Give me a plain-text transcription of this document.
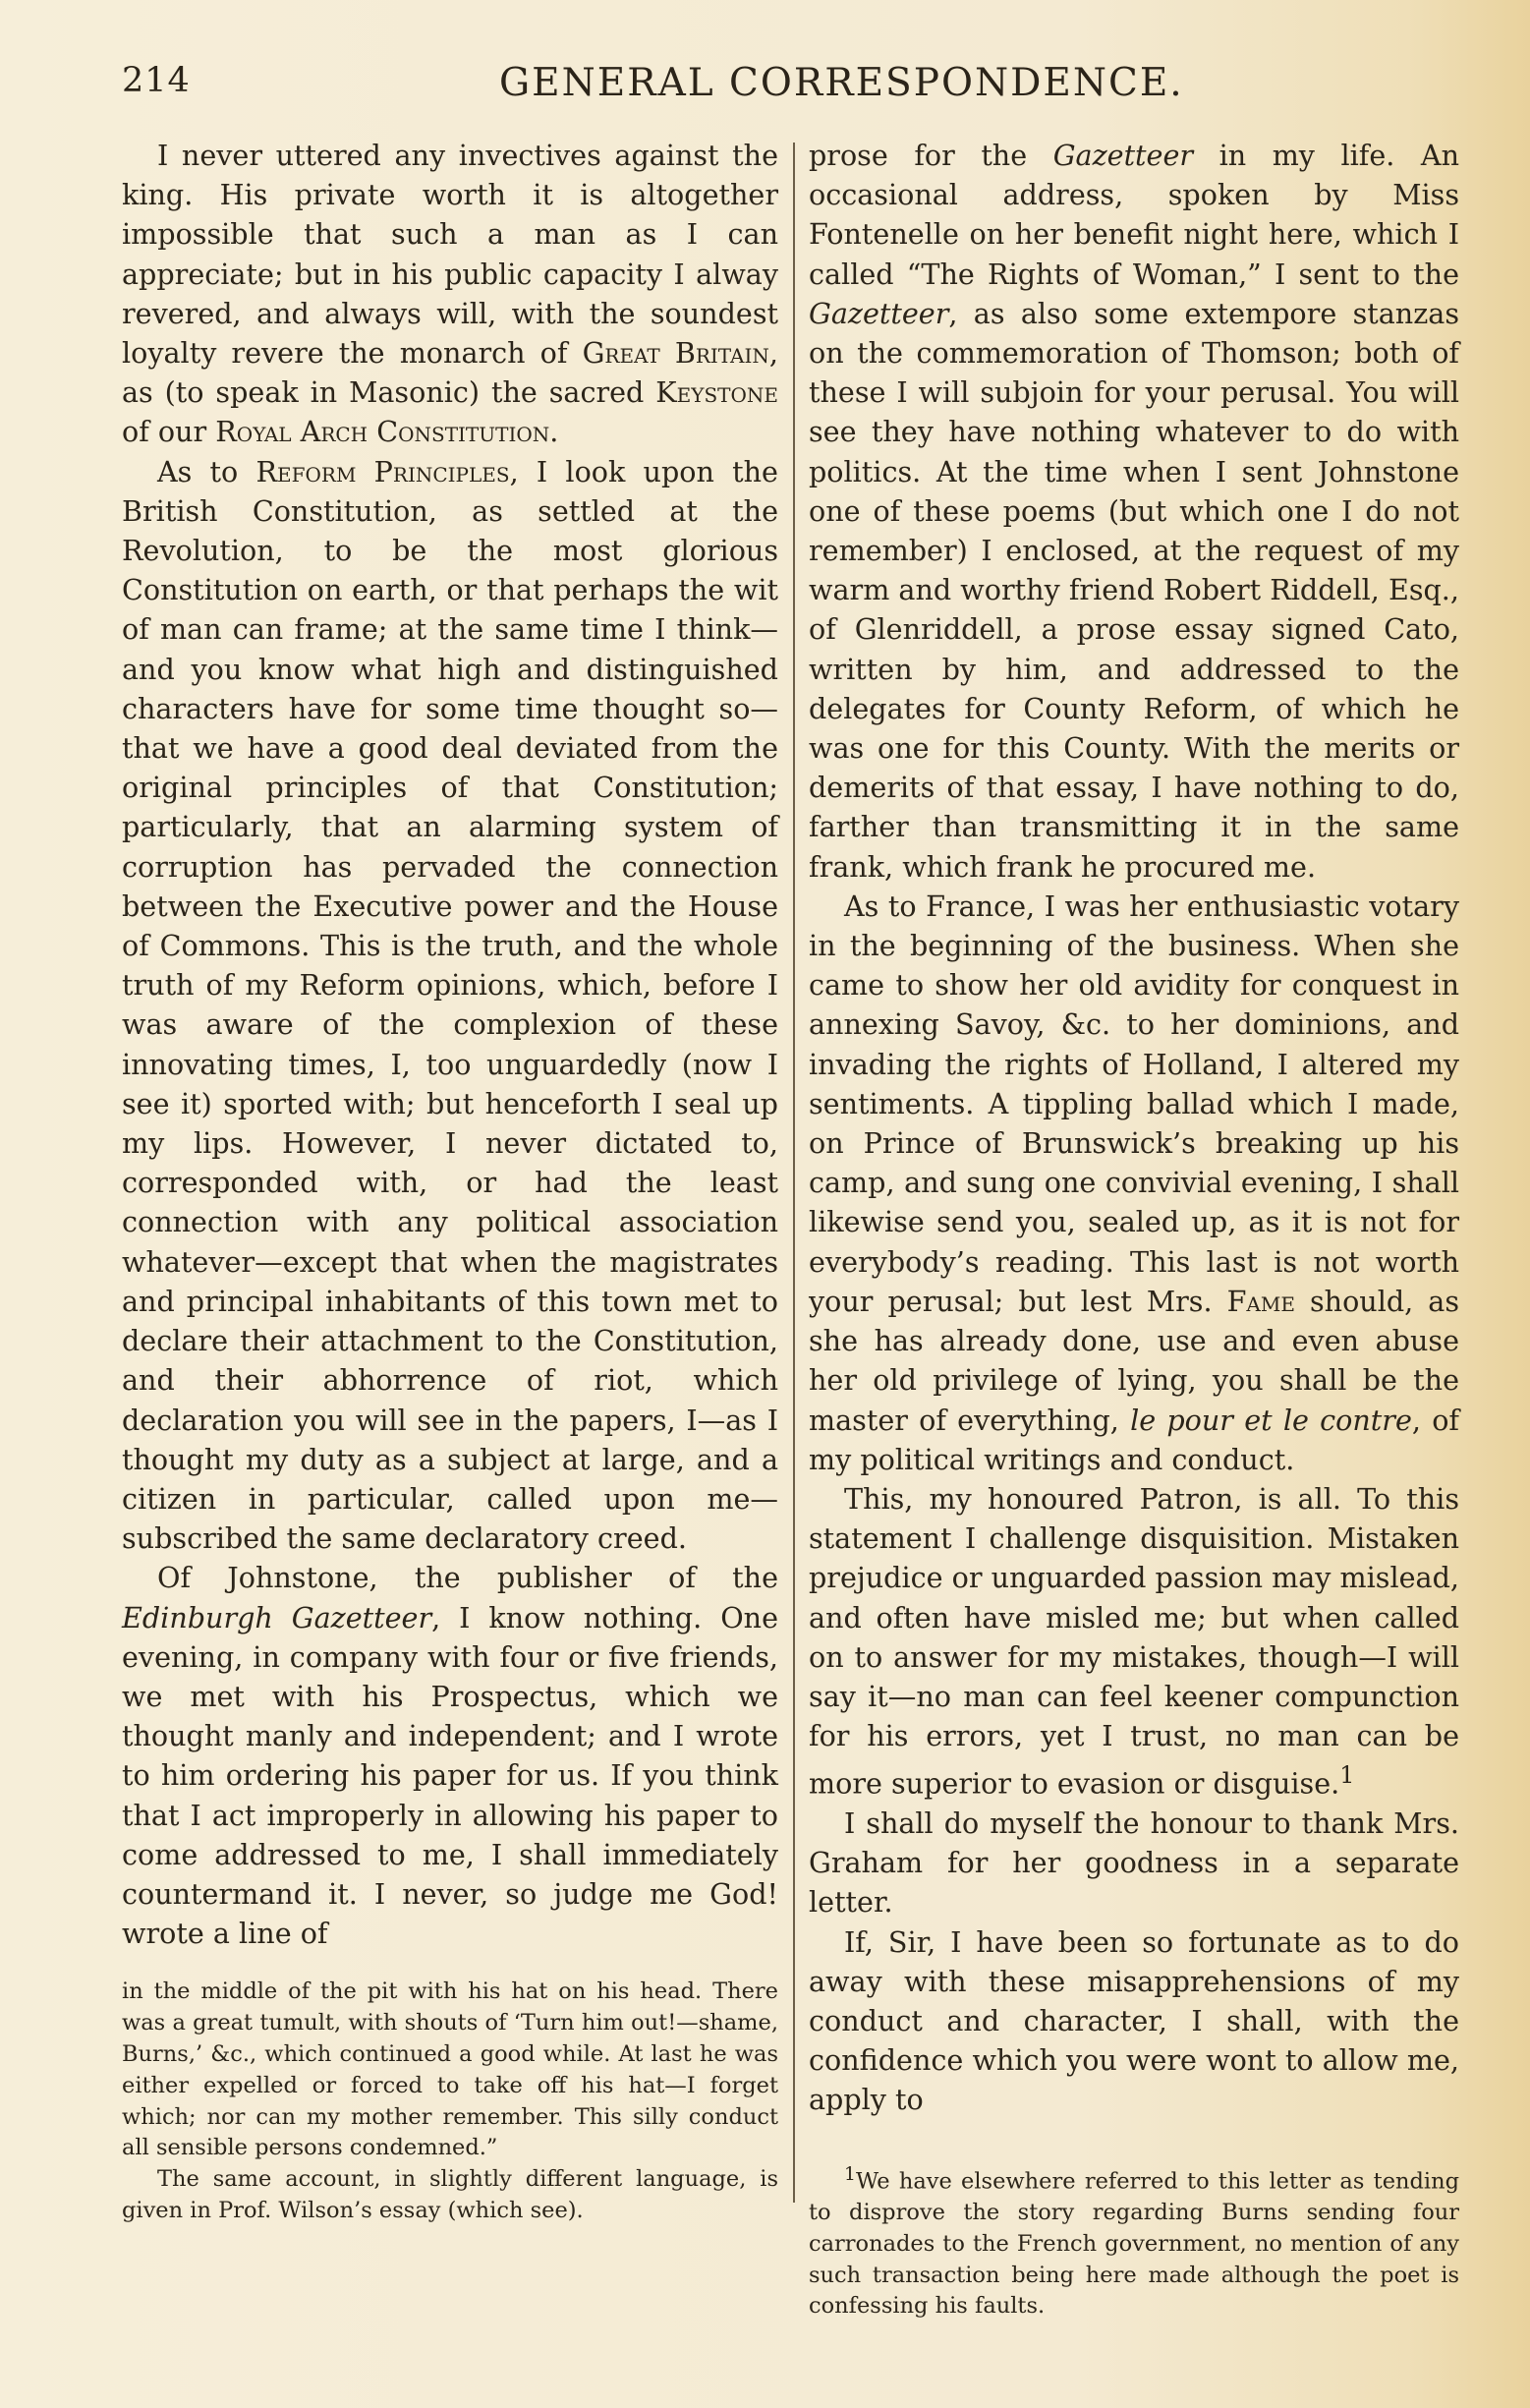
214	GENERAL CORRESPONDENCE.

I never uttered any invectives against the king. His private worth it is altogether impossible that such a man as I can appreciate; but in his public capacity I alway revered, and always will, with the soundest loyalty revere the monarch of Great Britain, as (to speak in Masonic) the sacred Keystone of our Royal Arch Constitution.

As to Reform Principles, I look upon the British Constitution, as settled at the Revolution, to be the most glorious Constitution on earth, or that perhaps the wit of man can frame; at the same time I think—and you know what high and distinguished characters have for some time thought so—that we have a good deal deviated from the original principles of that Constitution; particularly, that an alarming system of corruption has pervaded the connection between the Executive power and the House of Commons. This is the truth, and the whole truth of my Reform opinions, which, before I was aware of the complexion of these innovating times, I, too unguardedly (now I see it) sported with; but henceforth I seal up my lips. However, I never dictated to, corresponded with, or had the least connection with any political association whatever—except that when the magistrates and principal inhabitants of this town met to declare their attachment to the Constitution, and their abhorrence of riot, which declaration you will see in the papers, I—as I thought my duty as a subject at large, and a citizen in particular, called upon me—subscribed the same declaratory creed.

Of Johnstone, the publisher of the Edinburgh Gazetteer, I know nothing. One evening, in company with four or five friends, we met with his Prospectus, which we thought manly and independent; and I wrote to him ordering his paper for us. If you think that I act improperly in allowing his paper to come addressed to me, I shall immediately countermand it. I never, so judge me God! wrote a line of

in the middle of the pit with his hat on his head. There was a great tumult, with shouts of ‘Turn him out!—shame, Burns,’ &c., which continued a good while. At last he was either expelled or forced to take off his hat—I forget which; nor can my mother remember. This silly conduct all sensible persons condemned.”

The same account, in slightly different language, is given in Prof. Wilson’s essay (which see).

prose for the Gazetteer in my life. An occasional address, spoken by Miss Fontenelle on her benefit night here, which I called “The Rights of Woman,” I sent to the Gazetteer, as also some extempore stanzas on the commemoration of Thomson; both of these I will subjoin for your perusal. You will see they have nothing whatever to do with politics. At the time when I sent Johnstone one of these poems (but which one I do not remember) I enclosed, at the request of my warm and worthy friend Robert Riddell, Esq., of Glenriddell, a prose essay signed Cato, written by him, and addressed to the delegates for County Reform, of which he was one for this County. With the merits or demerits of that essay, I have nothing to do, farther than transmitting it in the same frank, which frank he procured me.

As to France, I was her enthusiastic votary in the beginning of the business. When she came to show her old avidity for conquest in annexing Savoy, &c. to her dominions, and invading the rights of Holland, I altered my sentiments. A tippling ballad which I made, on Prince of Brunswick’s breaking up his camp, and sung one convivial evening, I shall likewise send you, sealed up, as it is not for everybody’s reading. This last is not worth your perusal; but lest Mrs. Fame should, as she has already done, use and even abuse her old privilege of lying, you shall be the master of everything, le pour et le contre, of my political writings and conduct.

This, my honoured Patron, is all. To this statement I challenge disquisition. Mistaken prejudice or unguarded passion may mislead, and often have misled me; but when called on to answer for my mistakes, though—I will say it—no man can feel keener compunction for his errors, yet I trust, no man can be more superior to evasion or disguise.$^1$

I shall do myself the honour to thank Mrs. Graham for her goodness in a separate letter.

If, Sir, I have been so fortunate as to do away with these misapprehensions of my conduct and character, I shall, with the confidence which you were wont to allow me, apply to

$^1$We have elsewhere referred to this letter as tending to disprove the story regarding Burns sending four carronades to the French government, no mention of any such transaction being here made although the poet is confessing his faults.
